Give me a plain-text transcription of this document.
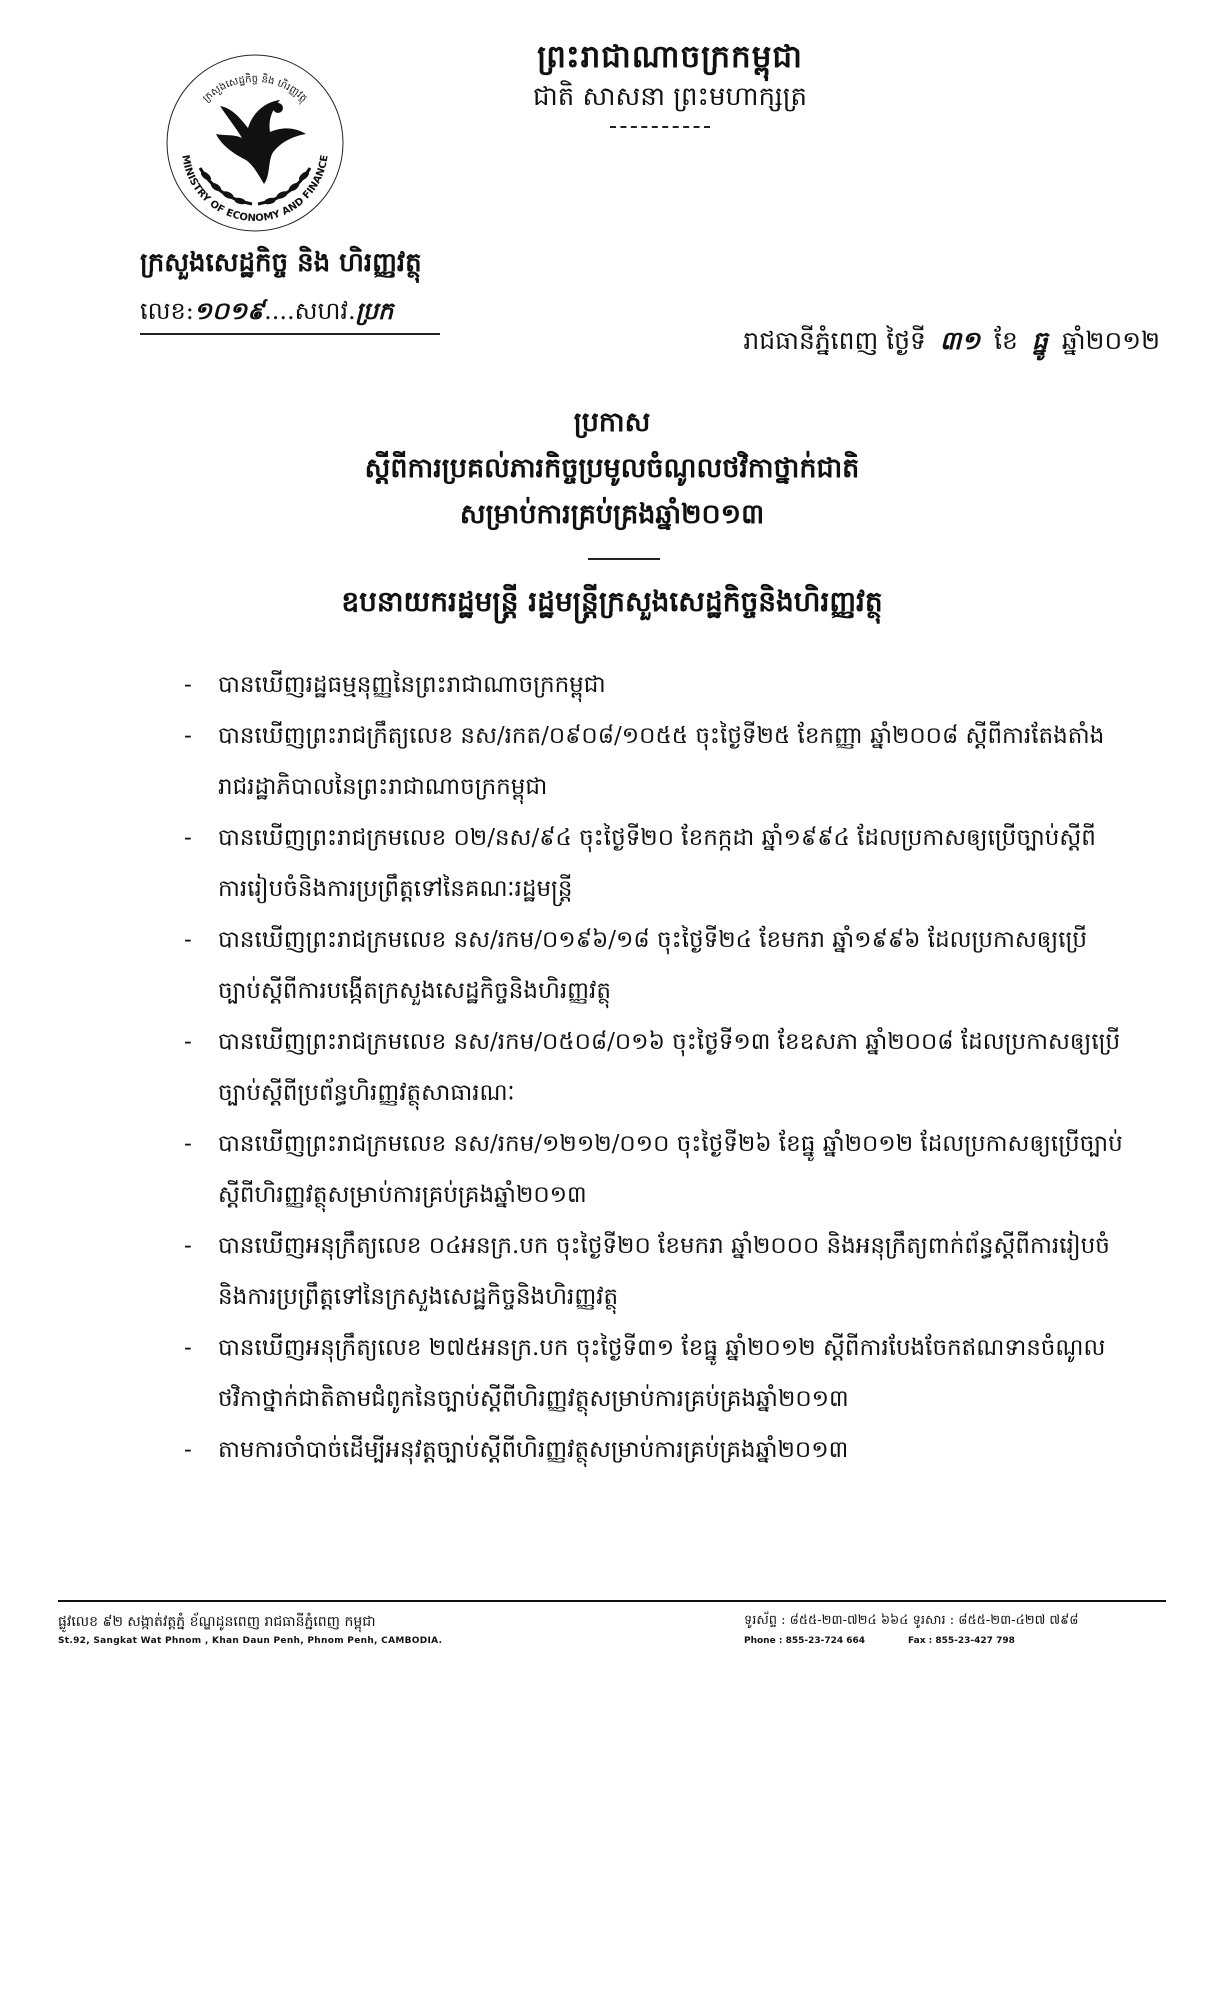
ព្រះរាជាណាចក្រកម្ពុជា
ជាតិ សាសនា ព្រះមហាក្សត្រ
MINISTRY OF ECONOMY AND FINANCE
ក្រសួងសេដ្ឋកិច្ច និង ហិរញ្ញវត្ថុ
ក្រសួងសេដ្ឋកិច្ច និង ហិរញ្ញវត្ថុ
លេខ:១០១៩....សហវ.ប្រក
រាជធានីភ្នំពេញ ថ្ងៃទី ៣១ ខែ ធ្នូ ឆ្នាំ២០១២
ប្រកាស
ស្តីពីការប្រគល់ភារកិច្ចប្រមូលចំណូលថវិកាថ្នាក់ជាតិ
សម្រាប់ការគ្រប់គ្រងឆ្នាំ២០១៣
ឧបនាយករដ្ឋមន្ត្រី រដ្ឋមន្ត្រីក្រសួងសេដ្ឋកិច្ចនិងហិរញ្ញវត្ថុ
- បានឃើញរដ្ឋធម្មនុញ្ញនៃព្រះរាជាណាចក្រកម្ពុជា
- បានឃើញព្រះរាជក្រឹត្យលេខ នស/រកត/០៩០៨/១០៥៥ ចុះថ្ងៃទី២៥ ខែកញ្ញា ឆ្នាំ២០០៨ ស្តីពីការតែងតាំងរាជរដ្ឋាភិបាលនៃព្រះរាជាណាចក្រកម្ពុជា
- បានឃើញព្រះរាជក្រមលេខ ០២/នស/៩៤ ចុះថ្ងៃទី២០ ខែកក្កដា ឆ្នាំ១៩៩៤ ដែលប្រកាសឲ្យប្រើច្បាប់ស្តីពីការរៀបចំនិងការប្រព្រឹត្តទៅនៃគណៈរដ្ឋមន្ត្រី
- បានឃើញព្រះរាជក្រមលេខ នស/រកម/០១៩៦/១៨ ចុះថ្ងៃទី២៤ ខែមករា ឆ្នាំ១៩៩៦ ដែលប្រកាសឲ្យប្រើច្បាប់ស្តីពីការបង្កើតក្រសួងសេដ្ឋកិច្ចនិងហិរញ្ញវត្ថុ
- បានឃើញព្រះរាជក្រមលេខ នស/រកម/០៥០៨/០១៦ ចុះថ្ងៃទី១៣ ខែឧសភា ឆ្នាំ២០០៨ ដែលប្រកាសឲ្យប្រើច្បាប់ស្តីពីប្រព័ន្ធហិរញ្ញវត្ថុសាធារណៈ
- បានឃើញព្រះរាជក្រមលេខ នស/រកម/១២១២/០១០ ចុះថ្ងៃទី២៦ ខែធ្នូ ឆ្នាំ២០១២ ដែលប្រកាសឲ្យប្រើច្បាប់ស្តីពីហិរញ្ញវត្ថុសម្រាប់ការគ្រប់គ្រងឆ្នាំ២០១៣
- បានឃើញអនុក្រឹត្យលេខ ០៤អនក្រ.បក ចុះថ្ងៃទី២០ ខែមករា ឆ្នាំ២០០០ និងអនុក្រឹត្យពាក់ព័ន្ធស្តីពីការរៀបចំនិងការប្រព្រឹត្តទៅនៃក្រសួងសេដ្ឋកិច្ចនិងហិរញ្ញវត្ថុ
- បានឃើញអនុក្រឹត្យលេខ ២៧៥អនក្រ.បក ចុះថ្ងៃទី៣១ ខែធ្នូ ឆ្នាំ២០១២ ស្តីពីការបែងចែកឥណទានចំណូលថវិកាថ្នាក់ជាតិតាមជំពូកនៃច្បាប់ស្តីពីហិរញ្ញវត្ថុសម្រាប់ការគ្រប់គ្រងឆ្នាំ២០១៣
- តាមការចាំបាច់ដើម្បីអនុវត្តច្បាប់ស្តីពីហិរញ្ញវត្ថុសម្រាប់ការគ្រប់គ្រងឆ្នាំ២០១៣
ផ្លូវលេខ ៩២ សង្កាត់វត្តភ្នំ ខ័ណ្ឌដូនពេញ រាជធានីភ្នំពេញ កម្ពុជា
St.92, Sangkat Wat Phnom , Khan Daun Penh, Phnom Penh, CAMBODIA.
ទូរស័ព្ទ : ៨៥៥-២៣-៧២៤ ៦៦៤ ទូរសារ : ៨៥៥-២៣-៤២៧ ៧៩៨
Phone : 855-23-724 664	Fax : 855-23-427 798
